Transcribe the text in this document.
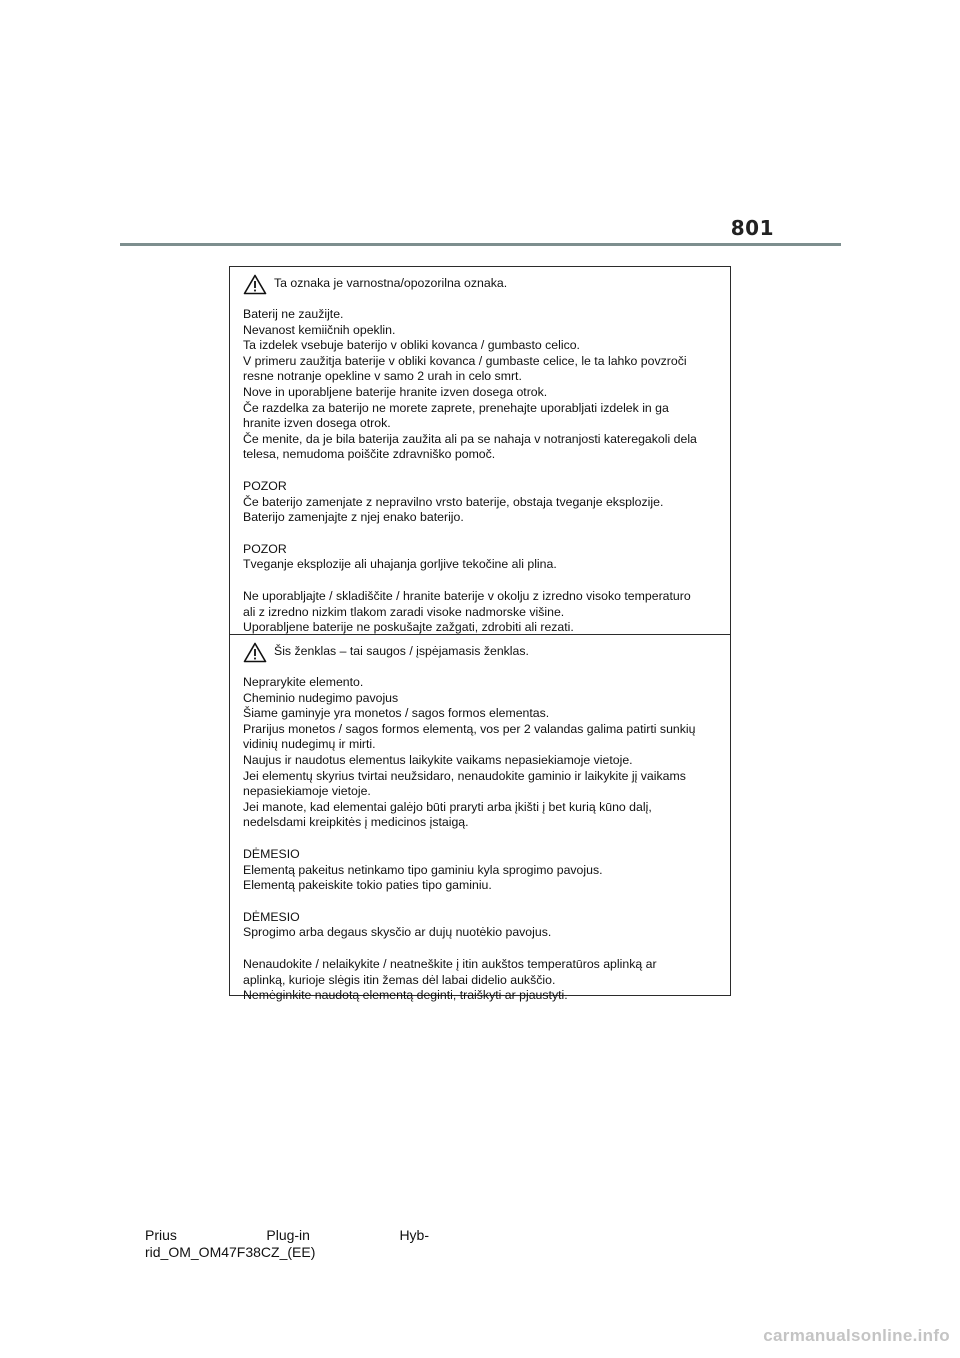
801
Ta oznaka je varnostna/opozorilna oznaka.
Baterij ne zaužijte.
Nevanost kemiičnih opeklin.
Ta izdelek vsebuje baterijo v obliki kovanca / gumbasto celico.
V primeru zaužitja baterije v obliki kovanca / gumbaste celice, le ta lahko povzroči
resne notranje opekline v samo 2 urah in celo smrt.
Nove in uporabljene baterije hranite izven dosega otrok.
Če razdelka za baterijo ne morete zaprete, prenehajte uporabljati izdelek in ga
hranite izven dosega otrok.
Če menite, da je bila baterija zaužita ali pa se nahaja v notranjosti kateregakoli dela
telesa, nemudoma poiščite zdravniško pomoč.
POZOR
Če baterijo zamenjate z nepravilno vrsto baterije, obstaja tveganje eksplozije.
Baterijo zamenjajte z njej enako baterijo.
POZOR
Tveganje eksplozije ali uhajanja gorljive tekočine ali plina.
Ne uporabljajte / skladiščite / hranite baterije v okolju z izredno visoko temperaturo
ali z izredno nizkim tlakom zaradi visoke nadmorske višine.
Uporabljene baterije ne poskušajte zažgati, zdrobiti ali rezati.
Šis ženklas – tai saugos / įspėjamasis ženklas.
Neprarykite elemento.
Cheminio nudegimo pavojus
Šiame gaminyje yra monetos / sagos formos elementas.
Prarijus monetos / sagos formos elementą, vos per 2 valandas galima patirti sunkių
vidinių nudegimų ir mirti.
Naujus ir naudotus elementus laikykite vaikams nepasiekiamoje vietoje.
Jei elementų skyrius tvirtai neužsidaro, nenaudokite gaminio ir laikykite jį vaikams
nepasiekiamoje vietoje.
Jei manote, kad elementai galėjo būti praryti arba įkišti į bet kurią kūno dalį,
nedelsdami kreipkitės į medicinos įstaigą.
DĖMESIO
Elementą pakeitus netinkamo tipo gaminiu kyla sprogimo pavojus.
Elementą pakeiskite tokio paties tipo gaminiu.
DĖMESIO
Sprogimo arba degaus skysčio ar dujų nuotėkio pavojus.
Nenaudokite / nelaikykite / neatneškite į itin aukštos temperatūros aplinką ar
aplinką, kurioje slėgis itin žemas dėl labai didelio aukščio.
Nemėginkite naudotą elementą deginti, traiškyti ar pjaustyti.
Prius	Plug-in	Hyb-
rid_OM_OM47F38CZ_(EE)
carmanualsonline.info
